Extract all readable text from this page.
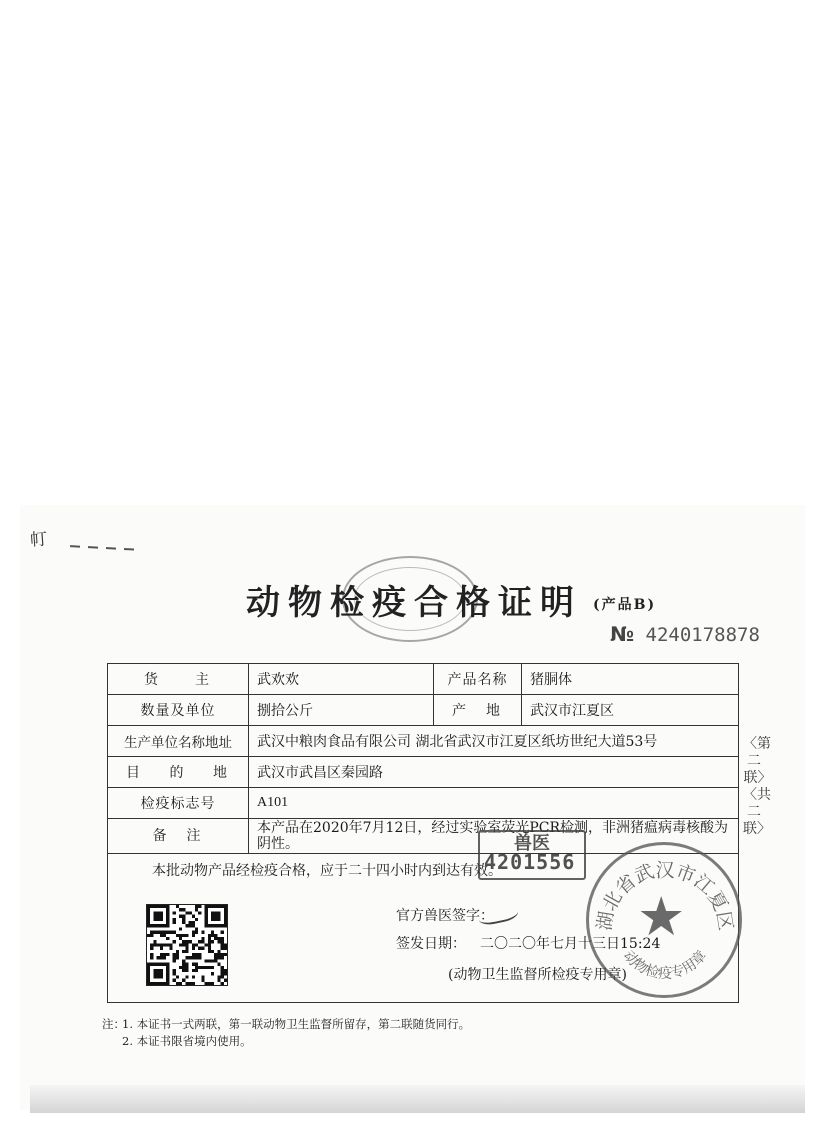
帄
动物检疫合格证明 (产品B)
№ 4240178878
〈第二联〉〈共二联〉
货　　主	武欢欢	产品名称	猪胴体
数量及单位	捌拾公斤	产　地	武汉市江夏区
生产单位名称地址	武汉中粮肉食品有限公司 湖北省武汉市江夏区纸坊世纪大道53号		
目的地	武汉市武昌区秦园路		
检疫标志号	A101		
备　注	本产品在2020年7月12日，经过实验室荧光PCR检测，非洲猪瘟病毒核酸为阴性。		

本批动物产品经检疫合格，应于二十四小时内到达有效。
官方兽医签字：
签发日期： 二〇二〇年七月十三日15:24
(动物卫生监督所检疫专用章)			
兽医
4201556
湖北省武汉市江夏区
动物检疫专用章
★
注：
1. 本证书一式两联，第一联动物卫生监督所留存，第二联随货同行。
2. 本证书限省境内使用。
